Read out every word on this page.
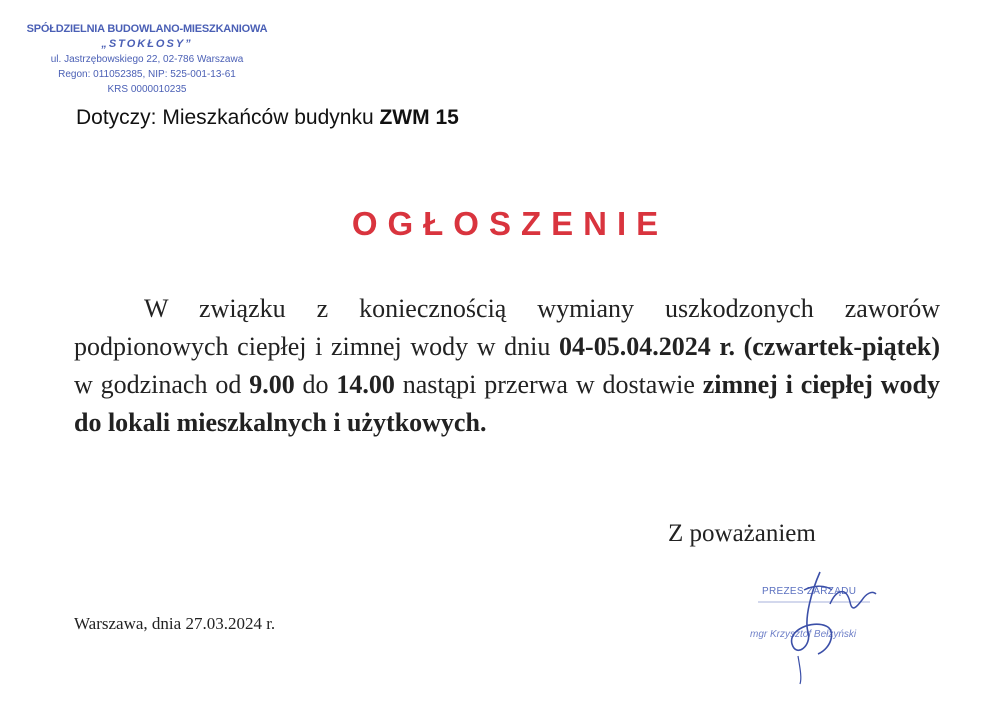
SPÓŁDZIELNIA BUDOWLANO-MIESZKANIOWA
„STOKŁOSY”
ul. Jastrzębowskiego 22, 02-786 Warszawa
Regon: 011052385, NIP: 525-001-13-61
KRS 0000010235
Dotyczy: Mieszkańców budynku ZWM 15
OGŁOSZENIE
W związku z koniecznością wymiany uszkodzonych zaworów podpionowych ciepłej i zimnej wody w dniu 04-05.04.2024 r. (czwartek-piątek) w godzinach od 9.00 do 14.00 nastąpi przerwa w dostawie zimnej i ciepłej wody do lokali mieszkalnych i użytkowych.
Z poważaniem
Warszawa, dnia 27.03.2024 r.
PREZES ZARZĄDU
mgr Krzysztof Bełżyński
